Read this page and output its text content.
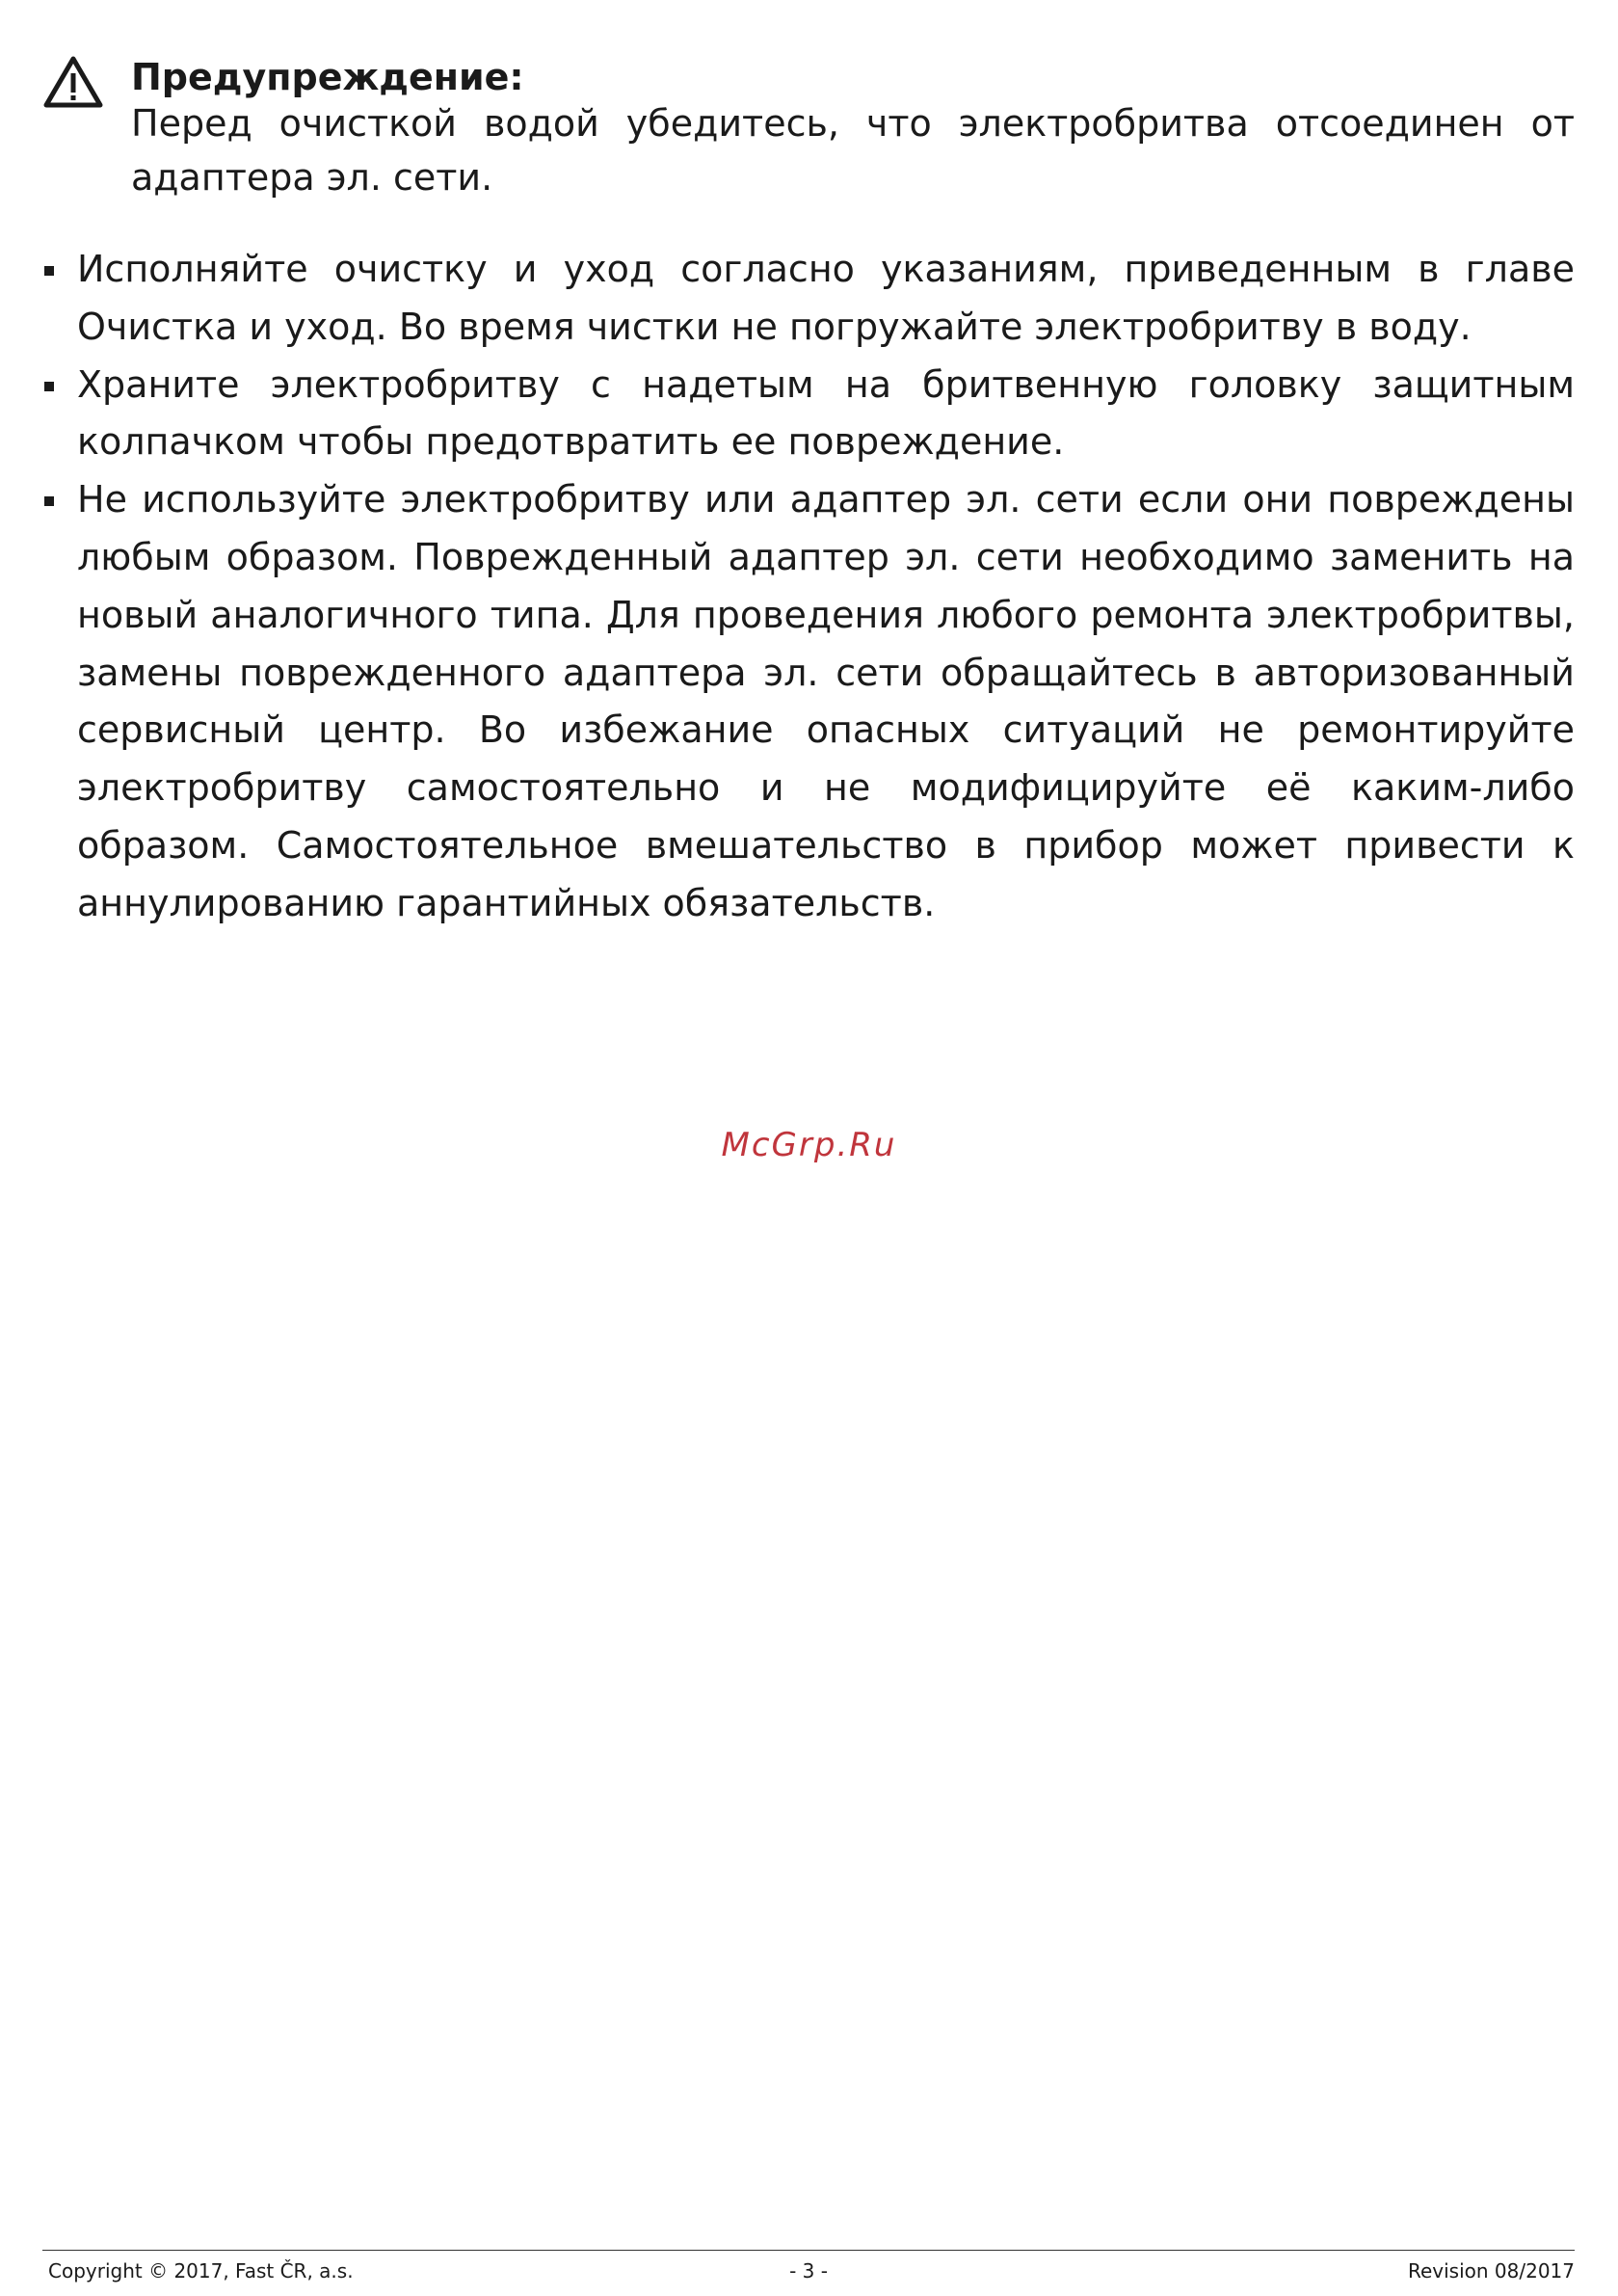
Предупреждение:
Перед очисткой водой убедитесь, что электробритва отсоединен от адаптера эл. сети.
Исполняйте очистку и уход согласно указаниям, приведенным в главе Очистка и уход. Во время чистки не погружайте электробритву в воду.
Храните электробритву с надетым на бритвенную головку защитным колпачком чтобы предотвратить ее повреждение.
Не используйте электробритву или адаптер эл. сети если они повреждены любым образом. Поврежденный адаптер эл. сети необходимо заменить на новый аналогичного типа. Для проведения любого ремонта электробритвы, замены поврежденного адаптера эл. сети обращайтесь в авторизованный сервисный центр. Во избежание опасных ситуаций не ремонтируйте электробритву самостоятельно и не модифицируйте её каким-либо образом. Самостоятельное вмешательство в прибор может привести к аннулированию гарантийных обязательств.
McGrp.Ru
Copyright © 2017, Fast ČR, a.s.	- 3 -	Revision 08/2017
